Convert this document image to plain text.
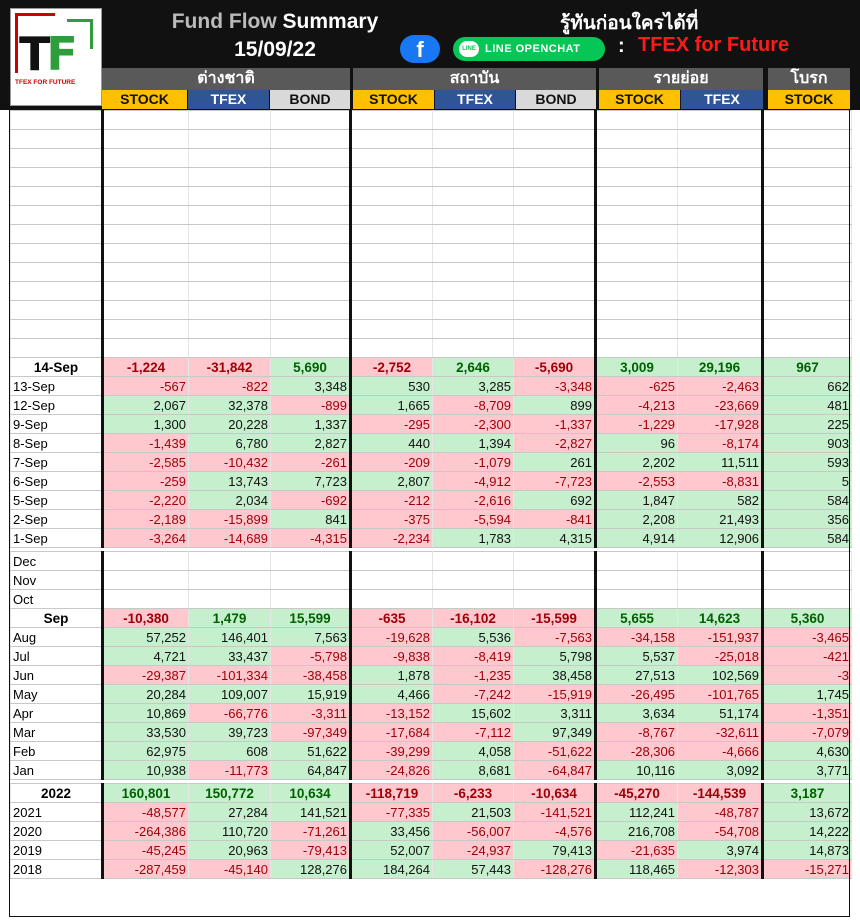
TF
TFEX FOR FUTURE
Fund Flow Summary
15/09/22
รู้ทันก่อนใครได้ที่
f	LINE LINE OPENCHAT : TFEX for Future
ต่างชาติ	สถาบัน	รายย่อย	โบรก
STOCK	TFEX	BOND	STOCK	TFEX	BOND	STOCK	TFEX	STOCK

14-Sep	-1,224	-31,842	5,690	-2,752	2,646	-5,690	3,009	29,196	967
13-Sep	-567	-822	3,348	530	3,285	-3,348	-625	-2,463	662
12-Sep	2,067	32,378	-899	1,665	-8,709	899	-4,213	-23,669	481
9-Sep	1,300	20,228	1,337	-295	-2,300	-1,337	-1,229	-17,928	225
8-Sep	-1,439	6,780	2,827	440	1,394	-2,827	96	-8,174	903
7-Sep	-2,585	-10,432	-261	-209	-1,079	261	2,202	11,511	593
6-Sep	-259	13,743	7,723	2,807	-4,912	-7,723	-2,553	-8,831	5
5-Sep	-2,220	2,034	-692	-212	-2,616	692	1,847	582	584
2-Sep	-2,189	-15,899	841	-375	-5,594	-841	2,208	21,493	356
1-Sep	-3,264	-14,689	-4,315	-2,234	1,783	4,315	4,914	12,906	584

Dec									
Nov									
Oct									
Sep	-10,380	1,479	15,599	-635	-16,102	-15,599	5,655	14,623	5,360
Aug	57,252	146,401	7,563	-19,628	5,536	-7,563	-34,158	-151,937	-3,465
Jul	4,721	33,437	-5,798	-9,838	-8,419	5,798	5,537	-25,018	-421
Jun	-29,387	-101,334	-38,458	1,878	-1,235	38,458	27,513	102,569	-3
May	20,284	109,007	15,919	4,466	-7,242	-15,919	-26,495	-101,765	1,745
Apr	10,869	-66,776	-3,311	-13,152	15,602	3,311	3,634	51,174	-1,351
Mar	33,530	39,723	-97,349	-17,684	-7,112	97,349	-8,767	-32,611	-7,079
Feb	62,975	608	51,622	-39,299	4,058	-51,622	-28,306	-4,666	4,630
Jan	10,938	-11,773	64,847	-24,826	8,681	-64,847	10,116	3,092	3,771

2022	160,801	150,772	10,634	-118,719	-6,233	-10,634	-45,270	-144,539	3,187
2021	-48,577	27,284	141,521	-77,335	21,503	-141,521	112,241	-48,787	13,672
2020	-264,386	110,720	-71,261	33,456	-56,007	-4,576	216,708	-54,708	14,222
2019	-45,245	20,963	-79,413	52,007	-24,937	79,413	-21,635	3,974	14,873
2018	-287,459	-45,140	128,276	184,264	57,443	-128,276	118,465	-12,303	-15,271
